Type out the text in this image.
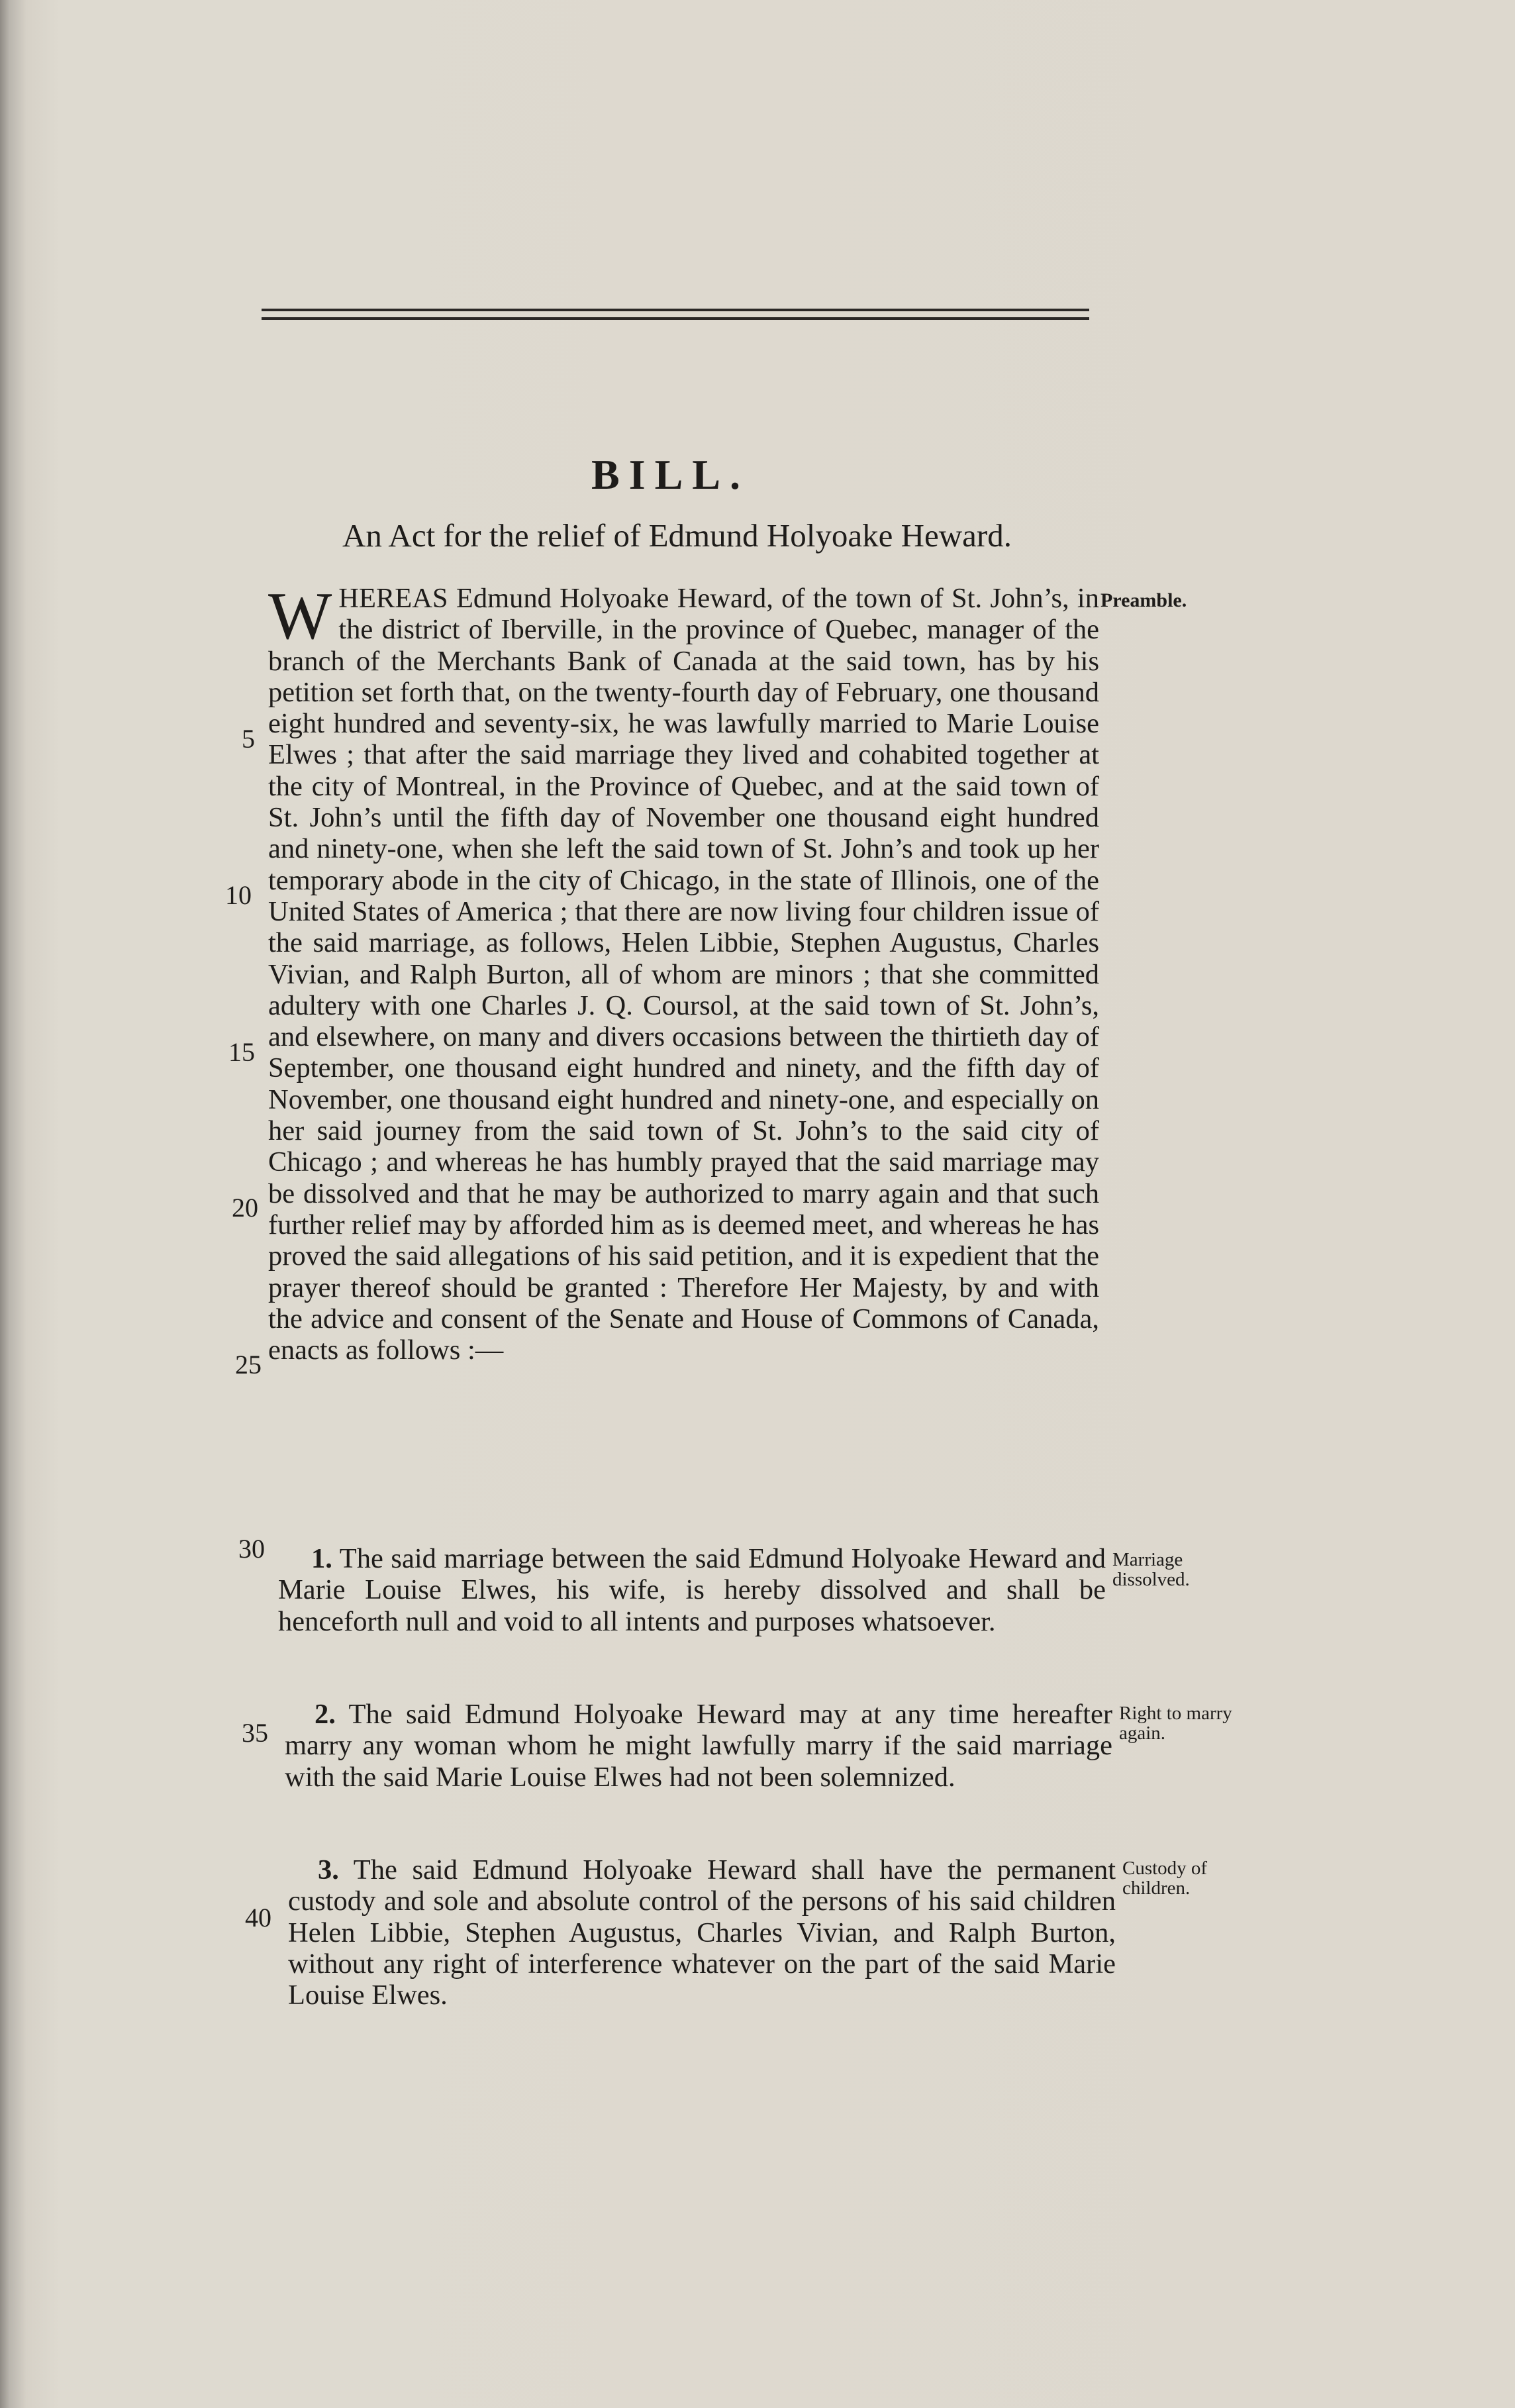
BILL.
An Act for the relief of Edmund Holyoake Heward.
WHEREAS Edmund Holyoake Heward, of the town of St. John’s, in the district of Iberville, in the province of Quebec, manager of the branch of the Merchants Bank of Canada at the said town, has by his petition set forth that, on the twenty-fourth day of February, one thousand eight hundred and seventy-six, he was lawfully married to Marie Louise Elwes ; that after the said marriage they lived and cohabited together at the city of Montreal, in the Province of Quebec, and at the said town of St. John’s until the fifth day of November one thousand eight hundred and ninety-one, when she left the said town of St. John’s and took up her temporary abode in the city of Chicago, in the state of Illinois, one of the United States of America ; that there are now living four children issue of the said marriage, as follows, Helen Libbie, Stephen Augustus, Charles Vivian, and Ralph Burton, all of whom are minors ; that she committed adultery with one Charles J. Q. Coursol, at the said town of St. John’s, and elsewhere, on many and divers occasions between the thirtieth day of September, one thousand eight hundred and ninety, and the fifth day of November, one thousand eight hundred and ninety-one, and especially on her said journey from the said town of St. John’s to the said city of Chicago ; and whereas he has humbly prayed that the said marriage may be dissolved and that he may be authorized to marry again and that such further relief may by afforded him as is deemed meet, and whereas he has proved the said allegations of his said petition, and it is expedient that the prayer thereof should be granted : Therefore Her Majesty, by and with the advice and consent of the Senate and House of Commons of Canada, enacts as follows :—
Preamble.
1. The said marriage between the said Edmund Holyoake Heward and Marie Louise Elwes, his wife, is hereby dissolved and shall be henceforth null and void to all intents and purposes whatsoever.
Marriage dissolved.
2. The said Edmund Holyoake Heward may at any time hereafter marry any woman whom he might lawfully marry if the said marriage with the said Marie Louise Elwes had not been solemnized.
Right to marry again.
3. The said Edmund Holyoake Heward shall have the permanent custody and sole and absolute control of the persons of his said children Helen Libbie, Stephen Augustus, Charles Vivian, and Ralph Burton, without any right of interference whatever on the part of the said Marie Louise Elwes.
Custody of children.
5
10
15
20
25
30
35
40
